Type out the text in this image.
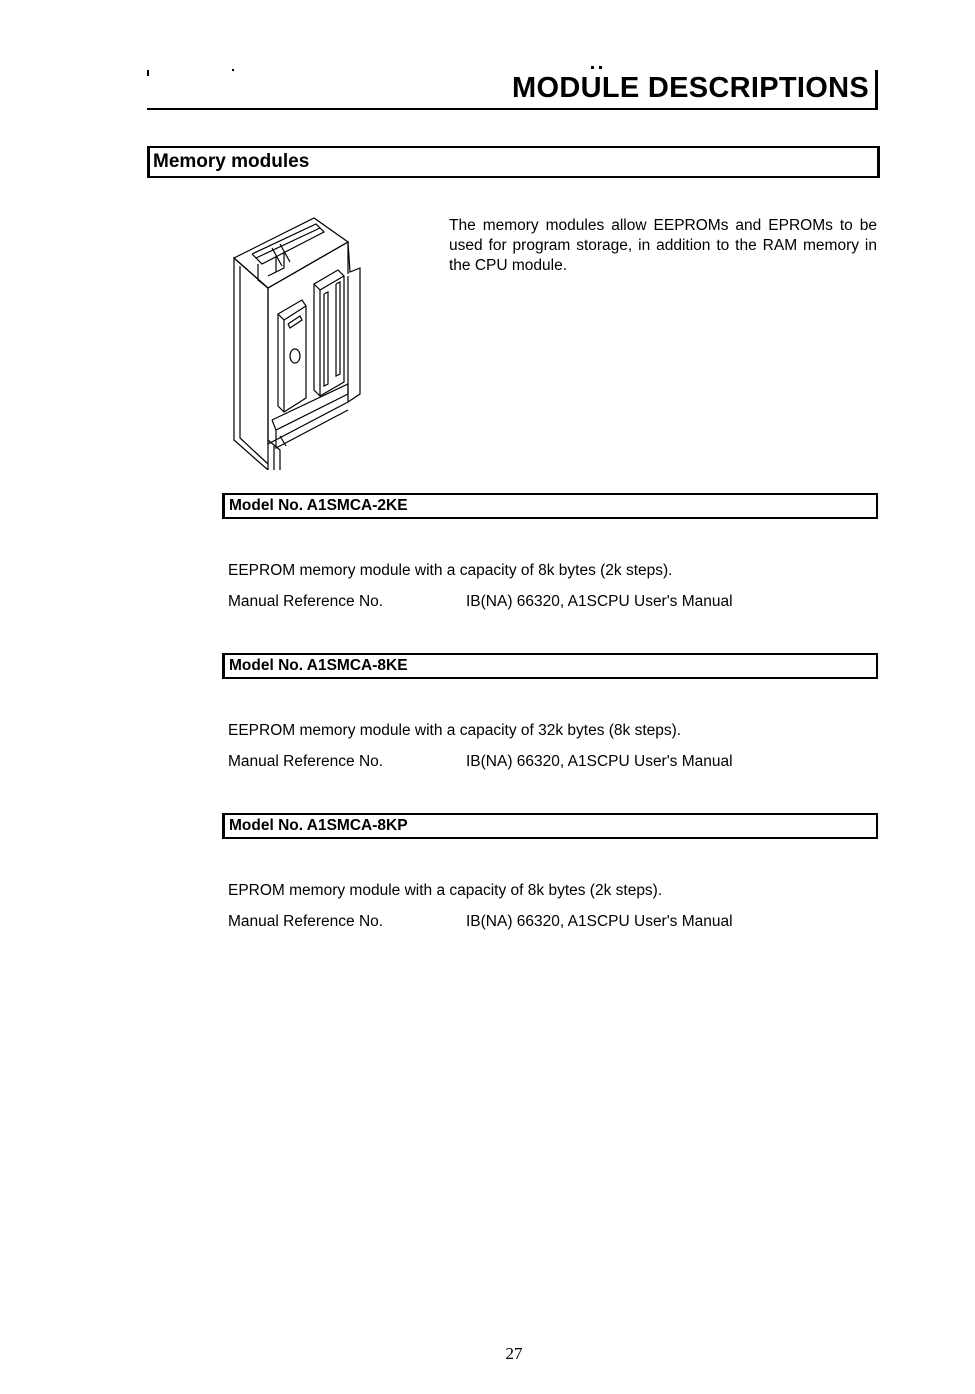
MODULE DESCRIPTIONS
Memory modules
The memory modules allow EEPROMs and EPROMs to be used for program storage, in addition to the RAM memory in the CPU module.
Model No. A1SMCA-2KE
EEPROM memory module with a capacity of 8k bytes (2k steps).
Manual Reference No.	IB(NA) 66320, A1SCPU User's Manual
Model No. A1SMCA-8KE
EEPROM memory module with a capacity of 32k bytes (8k steps).
Manual Reference No.	IB(NA) 66320, A1SCPU User's Manual
Model No. A1SMCA-8KP
EPROM memory module with a capacity of 8k bytes (2k steps).
Manual Reference No.	IB(NA) 66320, A1SCPU User's Manual
27
